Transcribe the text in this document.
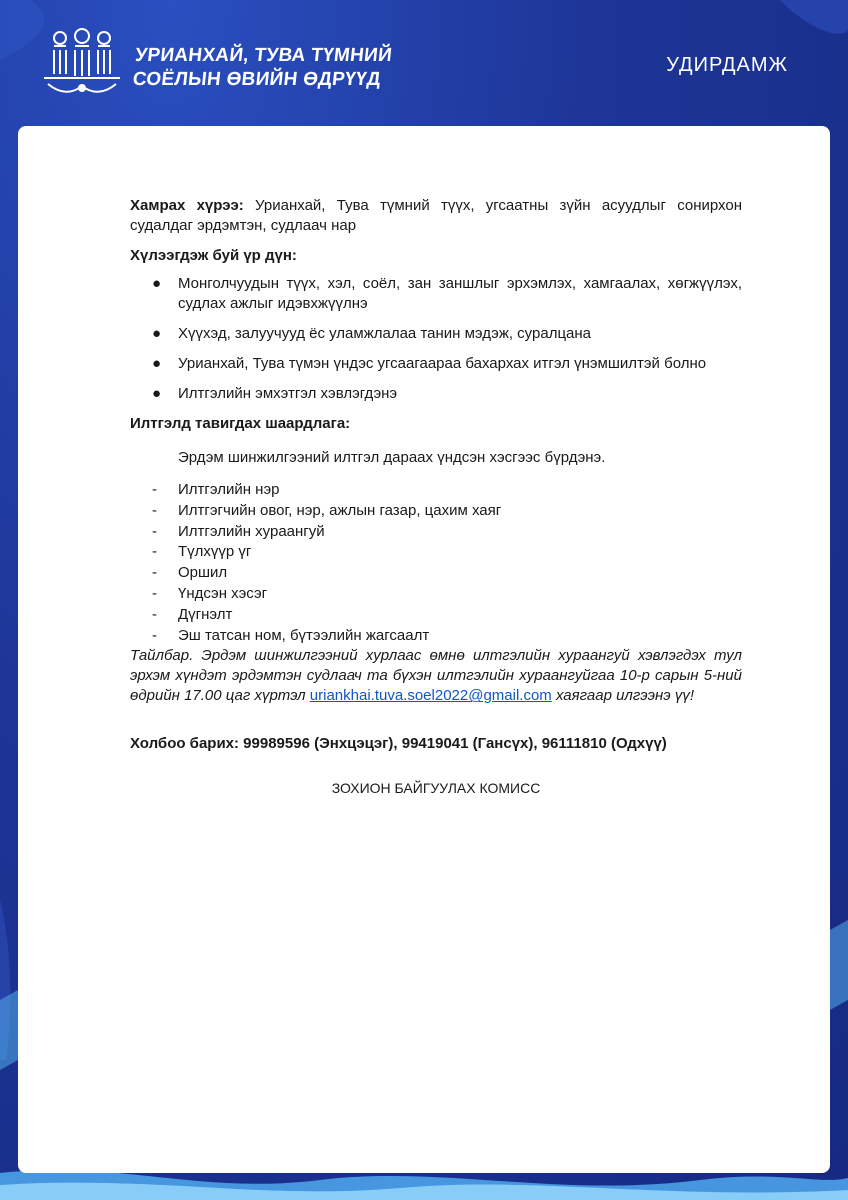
УРИАНХАЙ, ТУВА ТҮМНИЙ
СОЁЛЫН ӨВИЙН ӨДРҮҮД
УДИРДАМЖ

Хамрах хүрээ: Урианхай, Тува түмний түүх, угсаатны зүйн асуудлыг сонирхон судалдаг эрдэмтэн, судлаач нар

Хүлээгдэж буй үр дүн:

● Монголчуудын түүх, хэл, соёл, зан заншлыг эрхэмлэх, хамгаалах, хөгжүүлэх, судлах ажлыг идэвхжүүлнэ
● Хүүхэд, залуучууд ёс уламжлалаа танин мэдэж, суралцана
● Урианхай, Тува түмэн үндэс угсаагаараа бахархах итгэл үнэмшилтэй болно
● Илтгэлийн эмхэтгэл хэвлэгдэнэ

Илтгэлд тавигдах шаардлага:

Эрдэм шинжилгээний илтгэл дараах үндсэн хэсгээс бүрдэнэ.

- Илтгэлийн нэр
- Илтгэгчийн овог, нэр, ажлын газар, цахим хаяг
- Илтгэлийн хураангуй
- Түлхүүр үг
- Оршил
- Үндсэн хэсэг
- Дүгнэлт
- Эш татсан ном, бүтээлийн жагсаалт

Тайлбар. Эрдэм шинжилгээний хурлаас өмнө илтгэлийн хураангуй хэвлэгдэх тул эрхэм хүндэт эрдэмтэн судлаач та бүхэн илтгэлийн хураангуйгаа 10-р сарын 5-ний өдрийн 17.00 цаг хүртэл uriankhai.tuva.soel2022@gmail.com хаягаар илгээнэ үү!

Холбоо барих: 99989596 (Энхцэцэг), 99419041 (Гансүх), 96111810 (Одхүү)

ЗОХИОН БАЙГУУЛАХ КОМИСС
